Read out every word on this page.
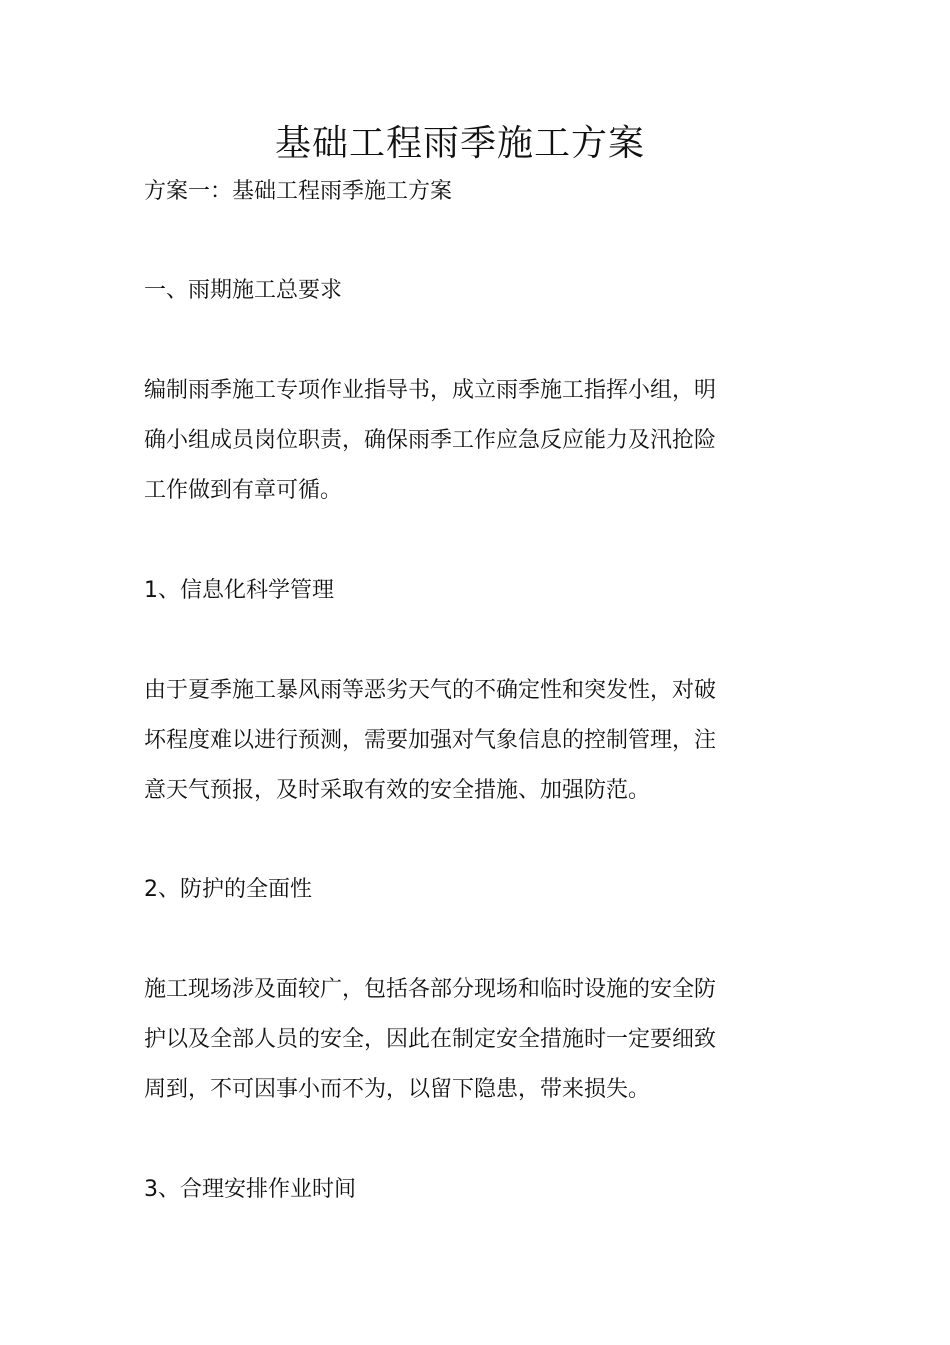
基础工程雨季施工方案

方案一：基础工程雨季施工方案

一、雨期施工总要求

编制雨季施工专项作业指导书，成立雨季施工指挥小组，明
确小组成员岗位职责，确保雨季工作应急反应能力及汛抢险
工作做到有章可循。

1、信息化科学管理

由于夏季施工暴风雨等恶劣天气的不确定性和突发性，对破
坏程度难以进行预测，需要加强对气象信息的控制管理，注
意天气预报，及时采取有效的安全措施、加强防范。

2、防护的全面性

施工现场涉及面较广，包括各部分现场和临时设施的安全防
护以及全部人员的安全，因此在制定安全措施时一定要细致
周到，不可因事小而不为，以留下隐患，带来损失。

3、合理安排作业时间
